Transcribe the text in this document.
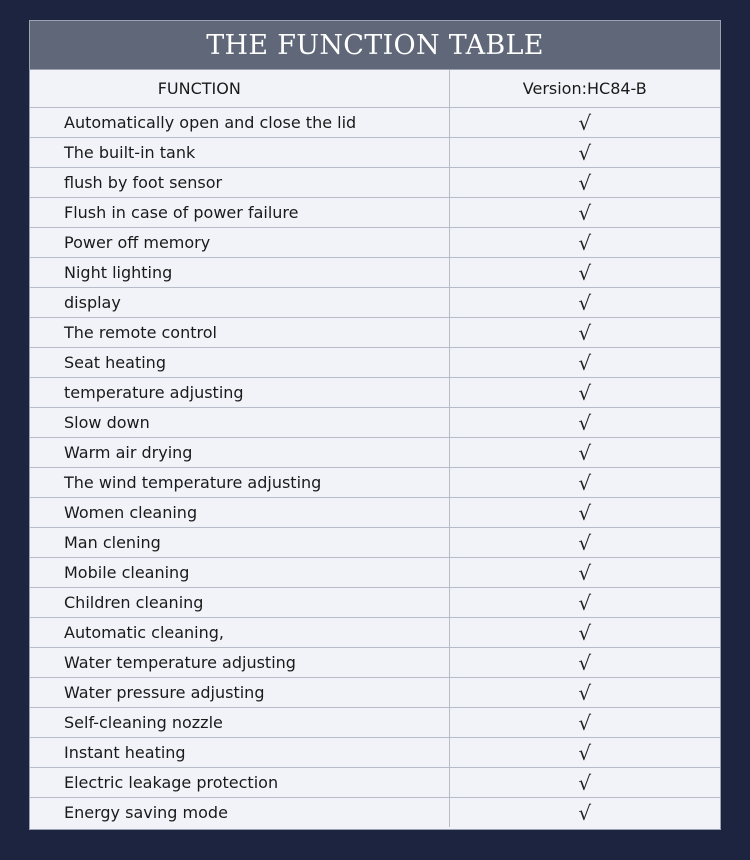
THE FUNCTION TABLE
FUNCTION	Version:HC84-B
Automatically open and close the lid	√
The built-in tank	√
flush by foot sensor	√
Flush in case of power failure	√
Power off memory	√
Night lighting	√
display	√
The remote control	√
Seat heating	√
temperature adjusting	√
Slow down	√
Warm air drying	√
The wind temperature adjusting	√
Women cleaning	√
Man clening	√
Mobile cleaning	√
Children cleaning	√
Automatic cleaning,	√
Water temperature adjusting	√
Water pressure adjusting	√
Self-cleaning nozzle	√
Instant heating	√
Electric leakage protection	√
Energy saving mode	√
